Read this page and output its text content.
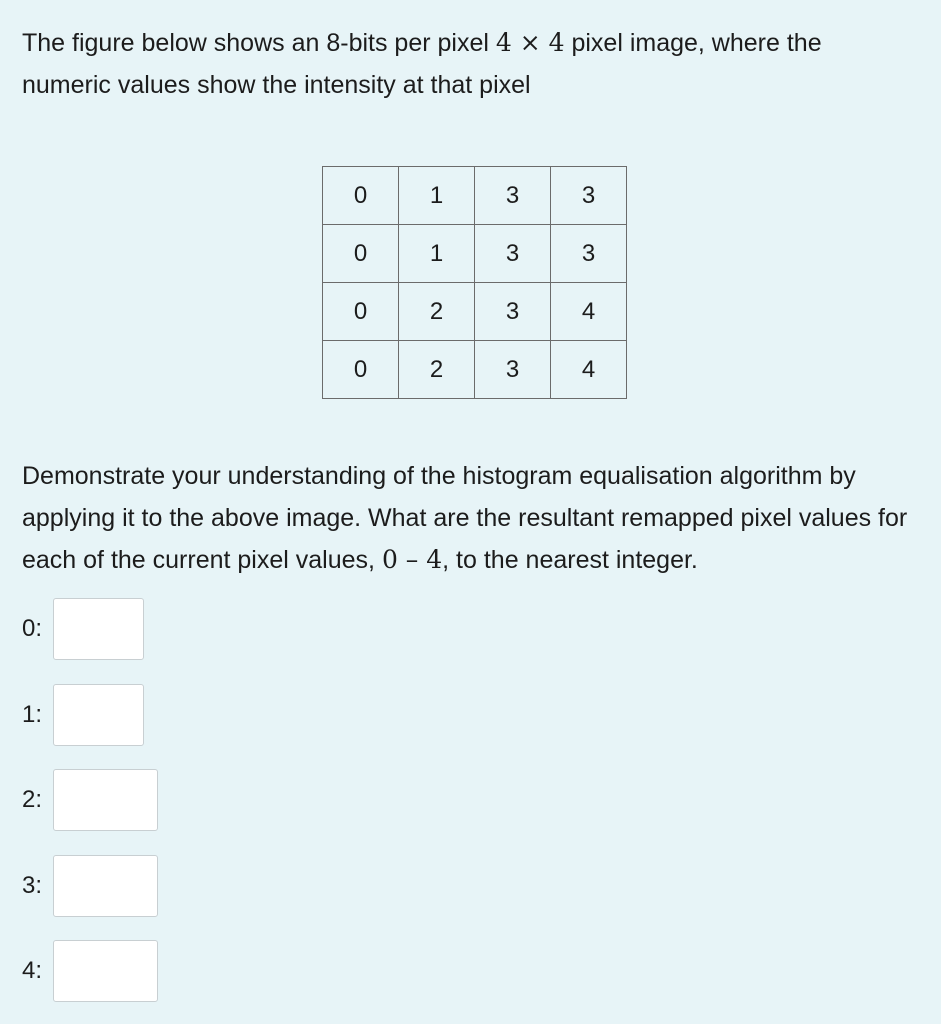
The figure below shows an 8-bits per pixel 4 × 4 pixel image, where the numeric values show the intensity at that pixel

0	1	3	3
0	1	3	3
0	2	3	4
0	2	3	4

Demonstrate your understanding of the histogram equalisation algorithm by applying it to the above image. What are the resultant remapped pixel values for each of the current pixel values, 0 – 4, to the nearest integer.

0:
1:
2:
3:
4:
